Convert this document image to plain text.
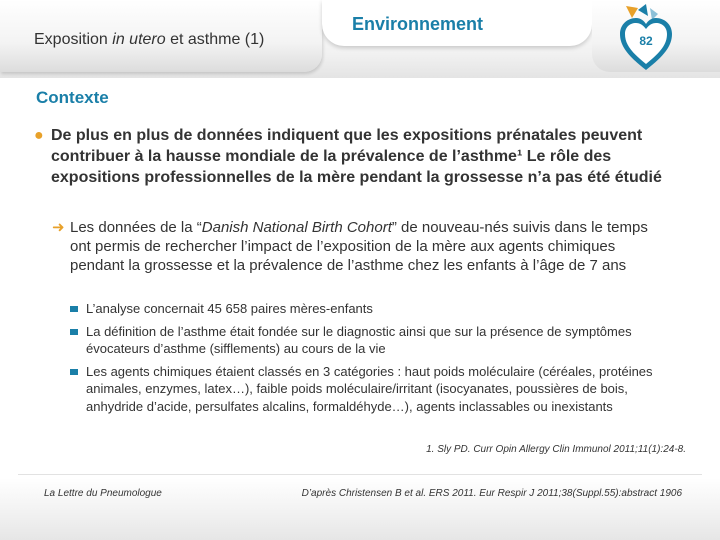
Exposition in utero et asthme (1)
Environnement
82
Contexte
● De plus en plus de données indiquent que les expositions prénatales peuvent contribuer à la hausse mondiale de la prévalence de l’asthme¹ Le rôle des expositions professionnelles de la mère pendant la grossesse n’a pas été étudié
➜ Les données de la “Danish National Birth Cohort” de nouveau-nés suivis dans le temps ont permis de rechercher l’impact de l’exposition de la mère aux agents chimiques pendant la grossesse et la prévalence de l’asthme chez les enfants à l’âge de 7 ans
L’analyse concernait 45 658 paires mères-enfants
La définition de l’asthme était fondée sur le diagnostic ainsi que sur la présence de symptômes évocateurs d’asthme (sifflements) au cours de la vie
Les agents chimiques étaient classés en 3 catégories : haut poids moléculaire (céréales, protéines animales, enzymes, latex…), faible poids moléculaire/irritant (isocyanates, poussières de bois, anhydride d’acide, persulfates alcalins, formaldéhyde…), agents inclassables ou inexistants
1. Sly PD. Curr Opin Allergy Clin Immunol 2011;11(1):24-8.
La Lettre du Pneumologue	D’après Christensen B et al. ERS 2011. Eur Respir J 2011;38(Suppl.55):abstract 1906
